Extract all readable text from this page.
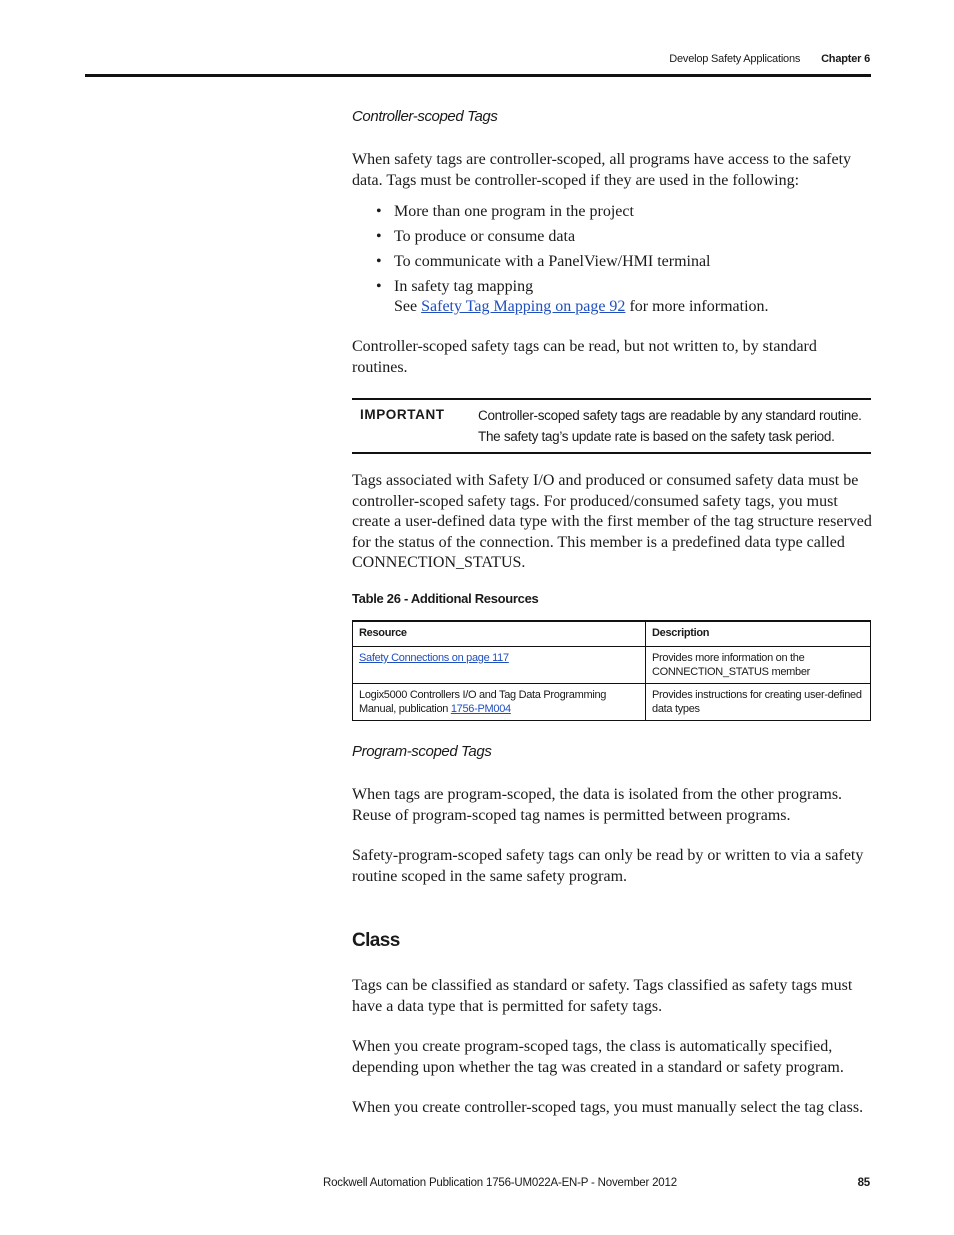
Develop Safety Applications Chapter 6
Controller-scoped Tags

When safety tags are controller-scoped, all programs have access to the safety data. Tags must be controller-scoped if they are used in the following:

• More than one program in the project
• To produce or consume data
• To communicate with a PanelView/HMI terminal
• In safety tag mapping
See Safety Tag Mapping on page 92 for more information.

Controller-scoped safety tags can be read, but not written to, by standard routines.

IMPORTANT Controller-scoped safety tags are readable by any standard routine. The safety tag’s update rate is based on the safety task period.

Tags associated with Safety I/O and produced or consumed safety data must be controller-scoped safety tags. For produced/consumed safety tags, you must create a user-defined data type with the first member of the tag structure reserved for the status of the connection. This member is a predefined data type called CONNECTION_STATUS.

Table 26 - Additional Resources
Resource	Description
Safety Connections on page 117	Provides more information on the CONNECTION_STATUS member
Logix5000 Controllers I/O and Tag Data Programming Manual, publication 1756-PM004	Provides instructions for creating user-defined data types
Program-scoped Tags

When tags are program-scoped, the data is isolated from the other programs. Reuse of program-scoped tag names is permitted between programs.

Safety-program-scoped safety tags can only be read by or written to via a safety routine scoped in the same safety program.

Class

Tags can be classified as standard or safety. Tags classified as safety tags must have a data type that is permitted for safety tags.

When you create program-scoped tags, the class is automatically specified, depending upon whether the tag was created in a standard or safety program.

When you create controller-scoped tags, you must manually select the tag class.

Rockwell Automation Publication 1756-UM022A-EN-P - November 2012	85
